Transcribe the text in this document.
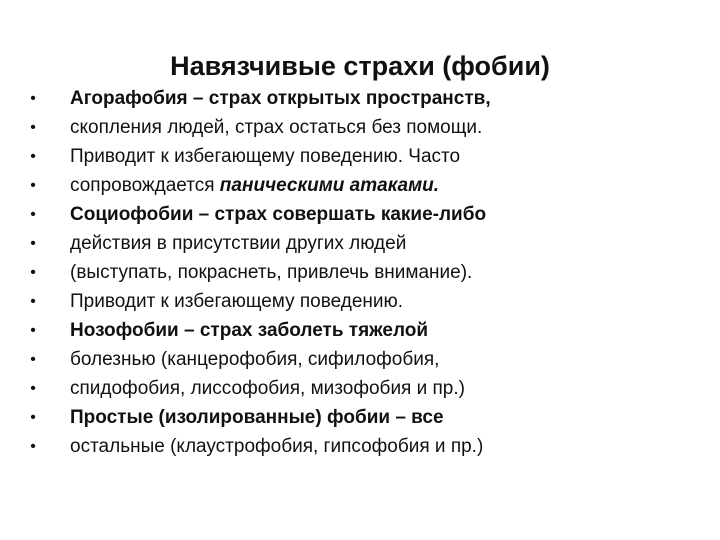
Навязчивые страхи (фобии)
• Агорафобия – страх открытых пространств,
• скопления людей, страх остаться без помощи.
• Приводит к избегающему поведению. Часто
• сопровождается паническими атаками.
• Социофобии – страх совершать какие-либо
• действия в присутствии других людей
• (выступать, покраснеть, привлечь внимание).
• Приводит к избегающему поведению.
• Нозофобии – страх заболеть тяжелой
• болезнью (канцерофобия, сифилофобия,
• спидофобия, лиссофобия, мизофобия и пр.)
• Простые (изолированные) фобии – все
• остальные (клаустрофобия, гипсофобия и пр.)
